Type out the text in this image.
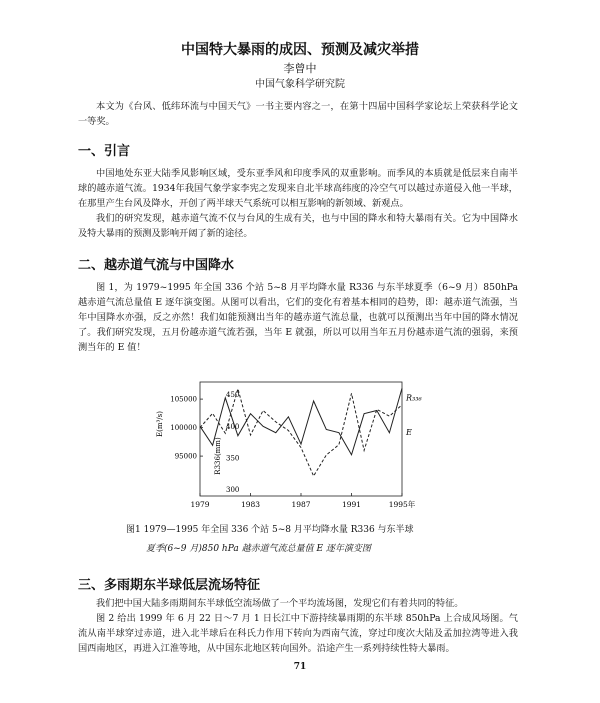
中国特大暴雨的成因、预测及减灾举措
李曾中
中国气象科学研究院

本文为《台风、低纬环流与中国天气》一书主要内容之一，在第十四届中国科学家论坛上荣获科学论文一等奖。

一、引言

中国地处东亚大陆季风影响区域，受东亚季风和印度季风的双重影响。而季风的本质就是低层来自南半球的越赤道气流。1934年我国气象学家李宪之发现来自北半球高纬度的冷空气可以越过赤道侵入他一半球，在那里产生台风及降水，开创了两半球天气系统可以相互影响的新领域、新观点。

我们的研究发现，越赤道气流不仅与台风的生成有关，也与中国的降水和特大暴雨有关。它为中国降水及特大暴雨的预测及影响开阔了新的途径。

二、越赤道气流与中国降水

图 1，为 1979~1995 年全国 336 个站 5~8 月平均降水量 R336 与东半球夏季（6~9 月）850hPa 越赤道气流总量值 E 逐年演变图。从图可以看出，它们的变化有着基本相同的趋势，即：越赤道气流强，当年中国降水亦强，反之亦然！我们如能预测出当年的越赤道气流总量，也就可以预测出当年中国的降水情况了。我们研究发现，五月份越赤道气流若强，当年 E 就强，所以可以用当年五月份越赤道气流的强弱，来预测当年的 E 值！

1979	1983	1987	1991	1995年
105000
100000
95000
450
400
350
300
E(m³/s)
R336(mm)
R₃₃₆
E
图1 1979—1995 年全国 336 个站 5~8 月平均降水量 R336 与东半球
夏季(6~9 月)850 hPa 越赤道气流总量值 E 逐年演变图
三、多雨期东半球低层流场特征

我们把中国大陆多雨期间东半球低空流场做了一个平均流场图，发现它们有着共同的特征。

图 2 给出 1999 年 6 月 22 日～7 月 1 日长江中下游持续暴雨期的东半球 850hPa 上合成风场图。气流从南半球穿过赤道，进入北半球后在科氏力作用下转向为西南气流，穿过印度次大陆及孟加拉湾等进入我国西南地区，再进入江淮等地，从中国东北地区转向国外。沿途产生一系列持续性特大暴雨。

71
